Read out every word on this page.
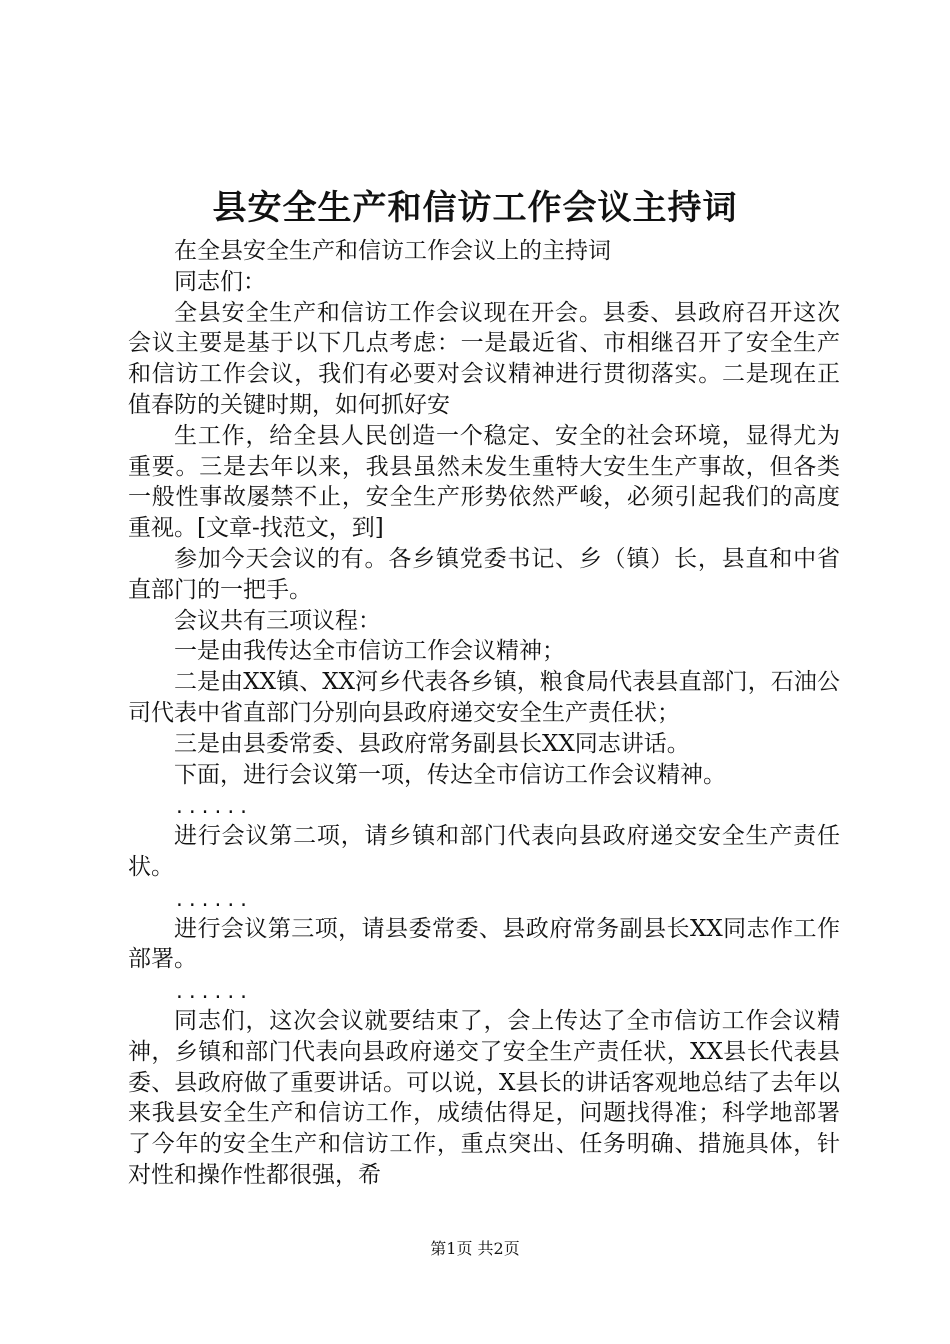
县安全生产和信访工作会议主持词

在全县安全生产和信访工作会议上的主持词

同志们：

全县安全生产和信访工作会议现在开会。县委、县政府召开这次会议主要是基于以下几点考虑：一是最近省、市相继召开了安全生产和信访工作会议，我们有必要对会议精神进行贯彻落实。二是现在正值春防的关键时期，如何抓好安

生工作，给全县人民创造一个稳定、安全的社会环境，显得尤为重要。三是去年以来，我县虽然未发生重特大安生生产事故，但各类一般性事故屡禁不止，安全生产形势依然严峻，必须引起我们的高度重视。[文章-找范文，到]

参加今天会议的有。各乡镇党委书记、乡（镇）长，县直和中省直部门的一把手。

会议共有三项议程：

一是由我传达全市信访工作会议精神；

二是由XX镇、XX河乡代表各乡镇，粮食局代表县直部门，石油公司代表中省直部门分别向县政府递交安全生产责任状；

三是由县委常委、县政府常务副县长XX同志讲话。

下面，进行会议第一项，传达全市信访工作会议精神。

......

进行会议第二项，请乡镇和部门代表向县政府递交安全生产责任状。

......

进行会议第三项，请县委常委、县政府常务副县长XX同志作工作部署。

......

同志们，这次会议就要结束了，会上传达了全市信访工作会议精神，乡镇和部门代表向县政府递交了安全生产责任状，XX县长代表县委、县政府做了重要讲话。可以说，X县长的讲话客观地总结了去年以来我县安全生产和信访工作，成绩估得足，问题找得准；科学地部署了今年的安全生产和信访工作，重点突出、任务明确、措施具体，针对性和操作性都很强，希

第1页 共2页
